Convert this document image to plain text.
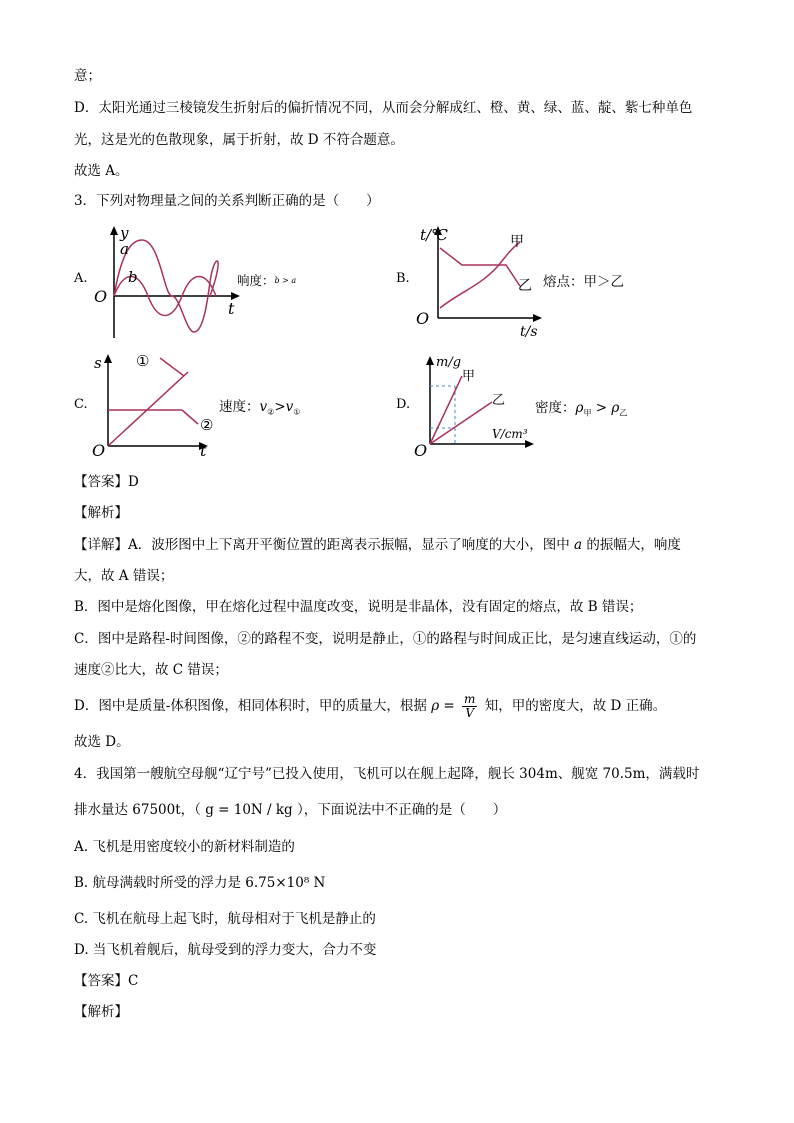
意；
D．太阳光通过三棱镜发生折射后的偏折情况不同，从而会分解成红、橙、黄、绿、蓝、靛、紫七种单色
光，这是光的色散现象，属于折射，故 D 不符合题意。
故选 A。
3．下列对物理量之间的关系判断正确的是（　　）
A.
y
a
b
O
t
响度：b > a	B.
t/℃	甲
乙
O
t/s
熔点：甲＞乙
C.
s ①
②
O	t
速度：$v_②>v_①$
D.
m/g
甲
乙
O
V/cm³
密度：$\rho_甲 > \rho_乙$
【答案】D
【解析】
【详解】A．波形图中上下离开平衡位置的距离表示振幅，显示了响度的大小，图中 a 的振幅大，响度
大，故 A 错误；
B．图中是熔化图像，甲在熔化过程中温度改变，说明是非晶体，没有固定的熔点，故 B 错误；
C．图中是路程-时间图像，②的路程不变，说明是静止，①的路程与时间成正比，是匀速直线运动，①的
速度②比大，故 C 错误；
D．图中是质量-体积图像，相同体积时，甲的质量大，根据 $\rho = \frac{m}{V}$ 知，甲的密度大，故 D 正确。
故选 D。
4．我国第一艘航空母舰“辽宁号”已投入使用，飞机可以在舰上起降，舰长 304m、舰宽 70.5m，满载时
排水量达 67500t，（ g = 10N / kg ），下面说法中不正确的是（　　）
A. 飞机是用密度较小的新材料制造的
B. 航母满载时所受的浮力是 6.75×10⁸ N
C. 飞机在航母上起飞时，航母相对于飞机是静止的
D. 当飞机着舰后，航母受到的浮力变大，合力不变
【答案】C
【解析】
